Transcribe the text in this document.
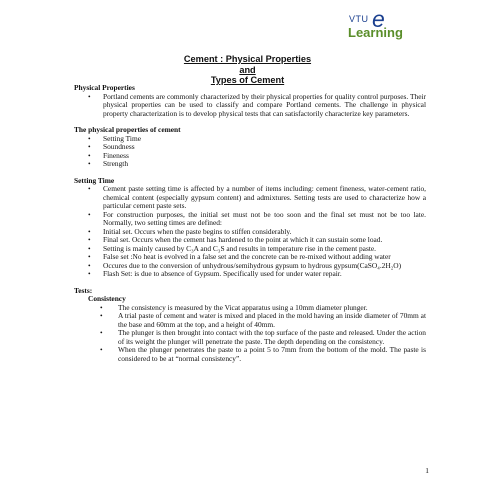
VTU e
Learning
Cement : Physical Properties
and
Types of Cement

Physical Properties

• Portland cements are commonly characterized by their physical properties for quality control purposes. Their physical properties can be used to classify and compare Portland cements. The challenge in physical property characterization is to develop physical tests that can satisfactorily characterize key parameters.

The physical properties of cement

• Setting Time
• Soundness
• Fineness
• Strength

Setting Time

• Cement paste setting time is affected by a number of items including: cement fineness, water-cement ratio, chemical content (especially gypsum content) and admixtures. Setting tests are used to characterize how a particular cement paste sets.
• For construction purposes, the initial set must not be too soon and the final set must not be too late. Normally, two setting times are defined:
• Initial set. Occurs when the paste begins to stiffen considerably.
• Final set. Occurs when the cement has hardened to the point at which it can sustain some load.
• Setting is mainly caused by C₃A and C₃S and results in temperature rise in the cement paste.
• False set :No heat is evolved in a false set and the concrete can be re-mixed without adding water
• Occures due to the conversion of unhydrous/semihydrous gypsum to hydrous gypsum(CaSO₄.2H₂O)
• Flash Set: is due to absence of Gypsum. Specifically used for under water repair.

Tests:

Consistency

• The consistency is measured by the Vicat apparatus using a 10mm diameter plunger.
• A trial paste of cement and water is mixed and placed in the mold having an inside diameter of 70mm at the base and 60mm at the top, and a height of 40mm.
• The plunger is then brought into contact with the top surface of the paste and released. Under the action of its weight the plunger will penetrate the paste. The depth depending on the consistency.
• When the plunger penetrates the paste to a point 5 to 7mm from the bottom of the mold. The paste is considered to be at “normal consistency”.
1
